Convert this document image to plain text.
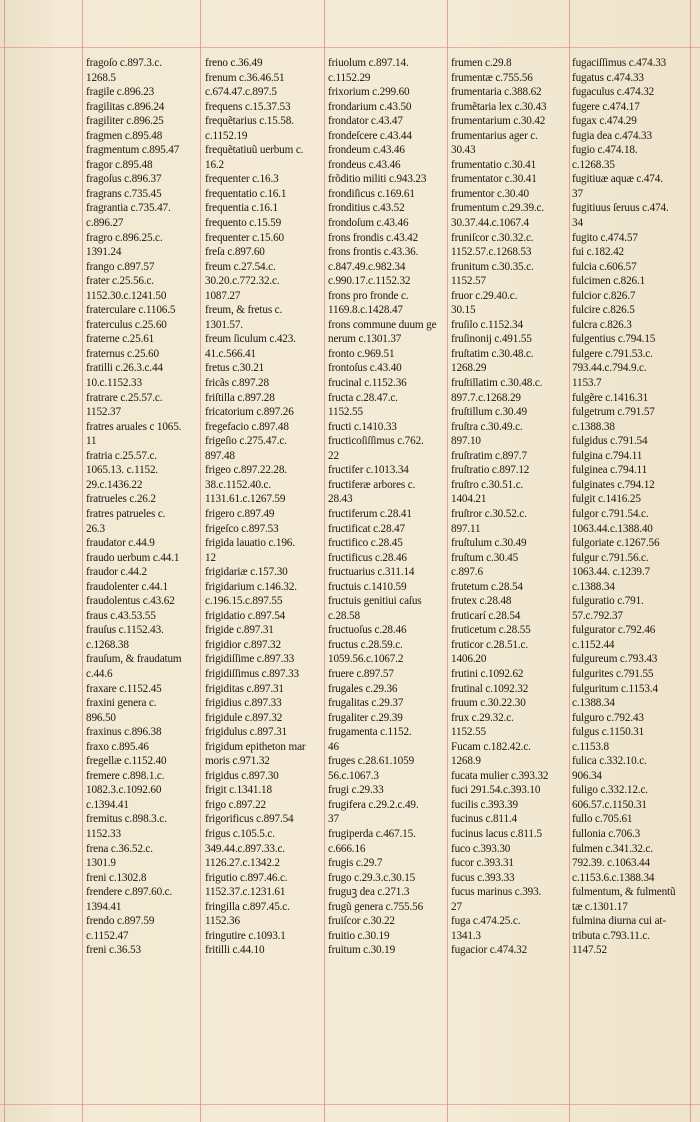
fragoſo c.897.3.c.
1268.5
fragile c.896.23
fragilitas c.896.24
fragiliter c.896.25
fragmen c.895.48
fragmentum c.895.47
fragor c.895.48
fragoſus c.896.37
fragrans c.735.45
fragrantia c.735.47.
c.896.27
fragro c.896.25.c.
1391.24
frango c.897.57
frater c.25.56.c.
1152.30.c.1241.50
fraterculare c.1106.5
fraterculus c.25.60
fraterne c.25.61
fraternus c.25.60
fratilli c.26.3.c.44
10.c.1152.33
fratrare c.25.57.c.
1152.37
fratres aruales c 1065.
11
fratria c.25.57.c.
1065.13. c.1152.
29.c.1436.22
fratrueles c.26.2
fratres patrueles c.
26.3
fraudator c.44.9
fraudo uerbum c.44.1
fraudor c.44.2
fraudolenter c.44.1
fraudolentus c.43.62
fraus c.43.53.55
frauſus c.1152.43.
c.1268.38
frauſum, & fraudatum
c.44.6
fraxare c.1152.45
fraxini genera c.
896.50
fraxinus c.896.38
fraxo c.895.46
fregellæ c.1152.40
fremere c.898.1.c.
1082.3.c.1092.60
c.1394.41
fremitus c.898.3.c.
1152.33
frena c.36.52.c.
1301.9
freni c.1302.8
frendere c.897.60.c.
1394.41
frendo c.897.59
c.1152.47
freni c.36.53
freno c.36.49
frenum c.36.46.51
c.674.47.c.897.5
frequens c.15.37.53
frequẽtarius c.15.58.
c.1152.19
frequẽtatiuũ uerbum c.
16.2
frequenter c.16.3
frequentatio c.16.1
frequentia c.16.1
frequento c.15.59
frequenter c.15.60
freſa c.897.60
freum c.27.54.c.
30.20.c.772.32.c.
1087.27
freum, & fretus c.
1301.57.
freum ſiculum c.423.
41.c.566.41
fretus c.30.21
fricãs c.897.28
friſtilla c.897.28
fricatorium c.897.26
fregefacio c.897.48
frigeſio c.275.47.c.
897.48
frigeo c.897.22.28.
38.c.1152.40.c.
1131.61.c.1267.59
frigero c.897.49
frigeſco c.897.53
frigida lauatio c.196.
12
frigidariæ c.157.30
frigidarium c.146.32.
c.196.15.c.897.55
frigidatio c.897.54
frigide c.897.31
frigidior c.897.32
frigidiſſime c.897.33
frigidiſſimus c.897.33
frigiditas c.897.31
frigidius c.897.33
frigidule c.897.32
frigidulus c.897.31
frigidum epitheton mar
moris c.971.32
frigidus c.897.30
frigit c.1341.18
frigo c.897.22
frigorificus c.897.54
frigus c.105.5.c.
349.44.c.897.33.c.
1126.27.c.1342.2
frigutio c.897.46.c.
1152.37.c.1231.61
fringilla c.897.45.c.
1152.36
fringutire c.1093.1
fritilli c.44.10
friuolum c.897.14.
c.1152.29
frixorium c.299.60
frondarium c.43.50
frondator c.43.47
frondeſcere c.43.44
frondeum c.43.46
frondeus c.43.46
frõditio militi c.943.23
frondiſicus c.169.61
fronditius c.43.52
frondoſum c.43.46
frons frondis c.43.42
frons frontis c.43.36.
c.847.49.c.982.34
c.990.17.c.1152.32
frons pro fronde c.
1169.8.c.1428.47
frons commune duum ge
nerum c.1301.37
fronto c.969.51
frontoſus c.43.40
frucinal c.1152.36
fructa c.28.47.c.
1152.55
fructi c.1410.33
fructicoſiſſimus c.762.
22
fructifer c.1013.34
fructiferæ arbores c.
28.43
fructiferum c.28.41
fructificat c.28.47
fructifico c.28.45
fructificus c.28.46
fructuarius c.311.14
fructuis c.1410.59
fructuis genitiui caſus
c.28.58
fructuoſus c.28.46
fructus c.28.59.c.
1059.56.c.1067.2
fruere c.897.57
frugales c.29.36
frugalitas c.29.37
frugaliter c.29.39
frugamenta c.1152.
46
fruges c.28.61.1059
56.c.1067.3
frugi c.29.33
frugifera c.29.2.c.49.
37
frugiperda c.467.15.
c.666.16
frugis c.29.7
frugo c.29.3.c.30.15
fruguꝫ dea c.271.3
frugũ genera c.755.56
fruiſcor c.30.22
fruitio c.30.19
fruitum c.30.19
frumen c.29.8
frumentæ c.755.56
frumentaria c.388.62
frumẽtaria lex c.30.43
frumentarium c.30.42
frumentarius ager c.
30.43
frumentatio c.30.41
frumentator c.30.41
frumentor c.30.40
frumentum c.29.39.c.
30.37.44.c.1067.4
fruniſcor c.30.32.c.
1152.57.c.1268.53
frunitum c.30.35.c.
1152.57
fruor c.29.40.c.
30.15
fruſilo c.1152.34
fruſinonij c.491.55
fruſtatim c.30.48.c.
1268.29
fruſtillatim c.30.48.c.
897.7.c.1268.29
fruſtillum c.30.49
fruſtra c.30.49.c.
897.10
fruſtratim c.897.7
fruſtratio c.897.12
fruſtro c.30.51.c.
1404.21
fruſtror c.30.52.c.
897.11
fruſtulum c.30.49
fruſtum c.30.45
c.897.6
frutetum c.28.54
frutex c.28.48
fruticarí c.28.54
fruticetum c.28.55
fruticor c.28.51.c.
1406.20
frutini c.1092.62
frutinal c.1092.32
fruum c.30.22.30
frux c.29.32.c.
1152.55
Fucam c.182.42.c.
1268.9
fucata mulier c.393.32
fuci 291.54.c.393.10
fucilis c.393.39
fucinus c.811.4
fucinus lacus c.811.5
fuco c.393.30
fucor c.393.31
fucus c.393.33
fucus marinus c.393.
27
fuga c.474.25.c.
1341.3
fugacior c.474.32
fugaciſſimus c.474.33
fugatus c.474.33
fugaculus c.474.32
fugere c.474.17
fugax c.474.29
fugia dea c.474.33
fugio c.474.18.
c.1268.35
fugitiuæ aquæ c.474.
37
fugitiuus ſeruus c.474.
34
fugito c.474.57
fui c.182.42
fulcia c.606.57
fulcimen c.826.1
fulcior c.826.7
fulcire c.826.5
fulcra c.826.3
fulgentius c.794.15
fulgere c.791.53.c.
793.44.c.794.9.c.
1153.7
fulgẽre c.1416.31
fulgetrum c.791.57
c.1388.38
fulgidus c.791.54
fulgina c.794.11
fulginea c.794.11
fulginates c.794.12
fulgit c.1416.25
fulgor c.791.54.c.
1063.44.c.1388.40
fulgoriate c.1267.56
fulgur c.791.56.c.
1063.44. c.1239.7
c.1388.34
fulguratio c.791.
57.c.792.37
fulgurator c.792.46
c.1152.44
fulgureum c.793.43
fulgurites c.791.55
fulguritum c.1153.4
c.1388.34
fulguro c.792.43
fulgus c.1150.31
c.1153.8
fulica c.332.10.c.
906.34
fuligo c.332.12.c.
606.57.c.1150.31
fullo c.705.61
fullonia c.706.3
fulmen c.341.32.c.
792.39. c.1063.44
c.1153.6.c.1388.34
fulmentum, & fulmentũ
tæ c.1301.17
fulmina diurna cui at-
tributa c.793.11.c.
1147.52
